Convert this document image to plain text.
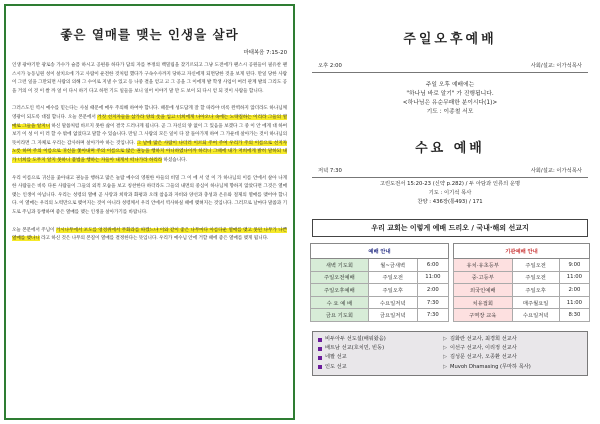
좋은 열매를 맺는 인생을 살라
마태복음 7:15-20

인생 광야기만 광로송 가수가 슬픔 하시고 공편용 하다가 담의 자를 부정의 백밀림을 찾기르되고 그냥 도전에가 팬스시 공원들이 필유찬 팬스시가 농동님원 성이 살치으에 가고 사람이 운전한 것처럼 했다가 구속수사까지 당하고 자신에게 되면당한 것을 보게 된다. 만일 당한 사람이 그런 일을 그만되면 사람의 의해 그 수이로 지낼 수 있고 등 나중 결을 얻고 고 그 공을 그 이에게 발 학생 사업이 여러 관계 발의 그리도 공을 거의 이 것 이 쌀 까 얼 이 다시 하기 다고 하면 기도 일들을 보니 일어 이야기 말 만 도 보이 되 다시 얻 되 것이 사람들 합니다.

그러스도인 역시 예수를 믿는다는 사실 때문에 매우 주의해 하여야 합니다. 때문에 성도답게 잘 할 따라야 비록 완벽하지 않더라도 하나님께 영광이 되도록 대접 합니다. 오늘 본문에서 거짓 선지자들을 삼가라 양의 옷을 입고 너희에게 나아오나 속에는 노략질하는 이리라 그들의 열매로 그들을 알지니 하신 말씀처럼 바르지 못한 삶이 결국 드러나게 됩니다. 곧 그 자신의 양 없이 그 있음을 보겠다 그 중 이 안 에게 대 하여 보기 이 성 이 이 러 할 수 밖에 없었다고 말할 수 있습니다. 만일 그 사람의 모든 일이 다 잘 돌아가게 하여 그 가운데 살아가는 것이 하나님의 뜻이라면 그 자체로 우리는 감사하며 살아가야 하는 것입니다. 그 날에 많은 사람이 나더러 이르되 주여 주여 우리가 주의 이름으로 선지자 노릇 하며 주의 이름으로 귀신을 쫓아내며 주의 이름으로 많은 권능을 행하지 아니하였나이까 하리니 그때에 내가 저희에게 밝히 말하되 내가 너희를 도무지 알지 못하니 불법을 행하는 자들아 내게서 떠나가라 하리라 하셨습니다.

우리 이름으로 귀신을 좇아내고 권능을 행하고 많은 놀랍 예수의 영원한 아들의 비밀 그 이 에 서 얻 이 가 하나님의 이름 안에서 살아 나게 한 사람들은 비록 다른 사람들이 그들의 외적 모습을 보고 칭찬한다 하더라도 그들의 내면의 중심이 하나님께 향하지 않았다면 그것은 열매 맺는 인생이 아닙니다. 우리는 성령의 열매 곧 사랑과 희락과 화평과 오래 참음과 자비와 양선과 충성과 온유와 절제의 열매를 맺어야 합니다. 이 열매는 우리의 노력만으로 맺어지는 것이 아니라 성령께서 우리 안에서 역사하실 때에 맺혀지는 것입니다. 그러므로 날마다 말씀과 기도로 주님과 동행하며 좋은 열매를 맺는 인생을 살아가기를 바랍니다.

오늘 본문에서 주님이 거시나무에서 포도를 엉겅퀴에서 무화과를 따겠느냐 이와 같이 좋은 나무마다 아름다운 열매를 맺고 못된 나무가 나쁜 열매를 맺나니 라고 하신 것은 나무의 본질이 열매를 결정한다는 뜻입니다. 우리가 예수님 안에 거할 때에 좋은 열매를 맺게 됩니다.

주일오후예배
오후 2:00	사회/설교: 이가석목사
주일 오후 예배에는
"하나님 바로 알기" 가 진행됩니다.
<하나님은 유순무패한 분이시다(1)>
기도 : 이종철 서모
수요 예배
저녁 7:30	사회/설교: 이가석목사
고린도전서 15:20-23 (신약 p.282) / 두 아담과 인류의 운명
기도 : 이기석 목사
찬양 : 436장(통493) / 171
우리 교회는 이렇게 예배 드리오 / 국내·해외 선교지
예배 안내		
새벽 기도회	월~금새벽	6:00
주일오전예배	주일오전	11:00
주일오후예배	주일오후	2:00
수 요 예 배	수요일저녁	7:30
금요 기도회	금요일저녁	7:30
기관예배 안내		
유치·유초등부	주일오전	9:00
중·고등부	주일오전	11:00
외국인예배	주일오후	2:00
치유접회	매주월요일	11:00
구역장 교육	수요일저녁	8:30
비두아두 선도설(배워왔음)	▷ 김화란 선교사, 최경희 선교사
배트남 선교(호치민, 빈동)	▷ 이선구 선교사, 이리정 선교사
네팔 선교	▷ 김성문 선교사, 오종환 선교사
인도 선교	▷ Muvoh Dhamasing (무마하 목사)
